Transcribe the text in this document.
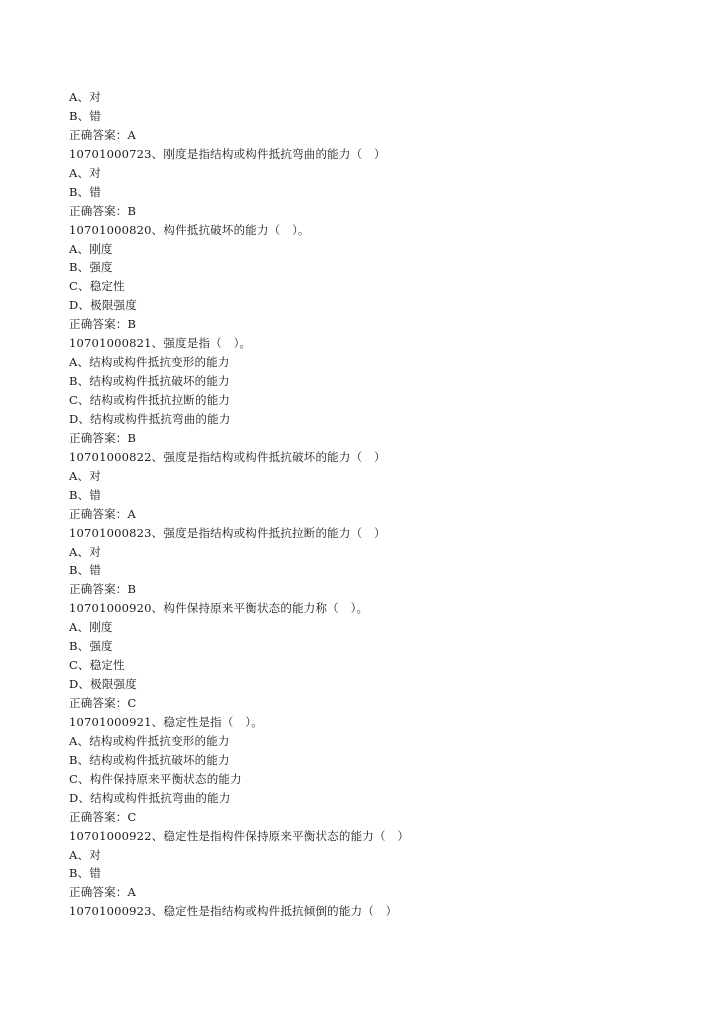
A、对
B、错
正确答案：A
10701000723、刚度是指结构或构件抵抗弯曲的能力（　）
A、对
B、错
正确答案：B
10701000820、构件抵抗破坏的能力（　）。
A、刚度
B、强度
C、稳定性
D、极限强度
正确答案：B
10701000821、强度是指（　）。
A、结构或构件抵抗变形的能力
B、结构或构件抵抗破坏的能力
C、结构或构件抵抗拉断的能力
D、结构或构件抵抗弯曲的能力
正确答案：B
10701000822、强度是指结构或构件抵抗破坏的能力（　）
A、对
B、错
正确答案：A
10701000823、强度是指结构或构件抵抗拉断的能力（　）
A、对
B、错
正确答案：B
10701000920、构件保持原来平衡状态的能力称（　）。
A、刚度
B、强度
C、稳定性
D、极限强度
正确答案：C
10701000921、稳定性是指（　）。
A、结构或构件抵抗变形的能力
B、结构或构件抵抗破坏的能力
C、构件保持原来平衡状态的能力
D、结构或构件抵抗弯曲的能力
正确答案：C
10701000922、稳定性是指构件保持原来平衡状态的能力（　）
A、对
B、错
正确答案：A
10701000923、稳定性是指结构或构件抵抗倾倒的能力（　）
